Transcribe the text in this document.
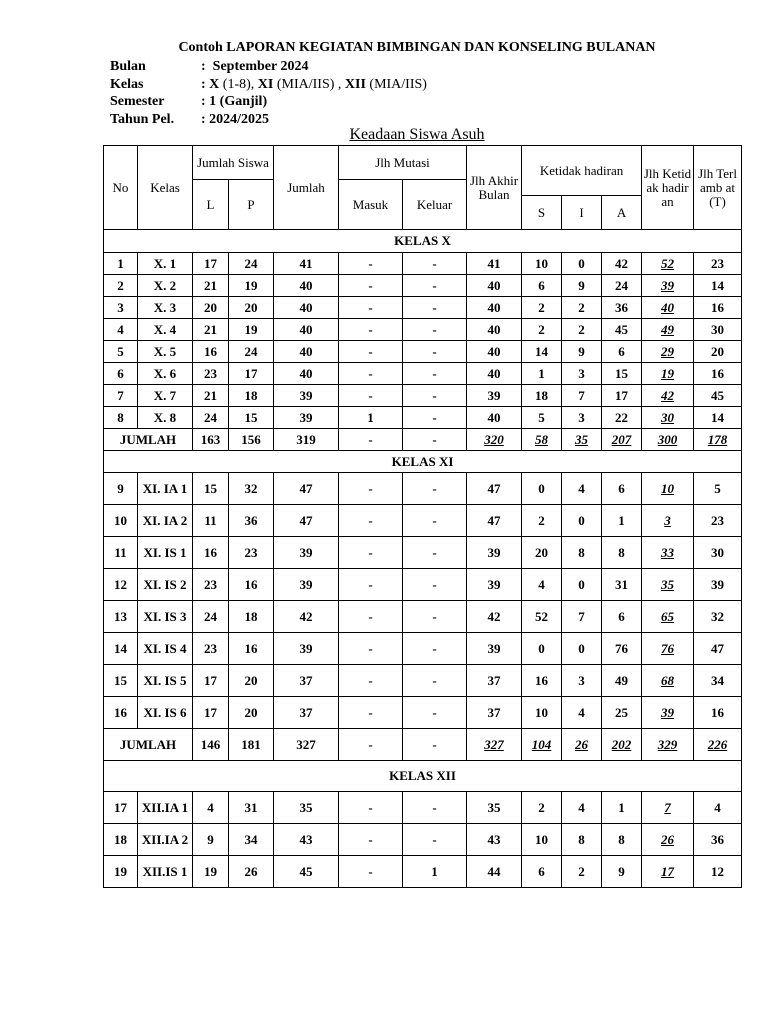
Contoh LAPORAN KEGIATAN BIMBINGAN DAN KONSELING BULANAN
Bulan	:  September 2024
Kelas	: X (1-8), XI (MIA/IIS) , XII (MIA/IIS)
Semester	: 1 (Ganjil)
Tahun Pel.	: 2024/2025
Keadaan Siswa Asuh
No	Kelas	Jumlah Siswa		Jumlah	Jlh Mutasi		Jlh Akhir Bulan	Ketidak hadiran			Jlh Ketid ak hadir an	Jlh Terl amb at (T)
		L	P		Masuk	Keluar						
								S	I	A		
KELAS X												
1	X. 1	17	24	41	-	-	41	10	0	42	52	23
2	X. 2	21	19	40	-	-	40	6	9	24	39	14
3	X. 3	20	20	40	-	-	40	2	2	36	40	16
4	X. 4	21	19	40	-	-	40	2	2	45	49	30
5	X. 5	16	24	40	-	-	40	14	9	6	29	20
6	X. 6	23	17	40	-	-	40	1	3	15	19	16
7	X. 7	21	18	39	-	-	39	18	7	17	42	45
8	X. 8	24	15	39	1	-	40	5	3	22	30	14
JUMLAH		163	156	319	-	-	320	58	35	207	300	178
KELAS XI												
9	XI. IA 1	15	32	47	-	-	47	0	4	6	10	5
10	XI. IA 2	11	36	47	-	-	47	2	0	1	3	23
11	XI. IS 1	16	23	39	-	-	39	20	8	8	33	30
12	XI. IS 2	23	16	39	-	-	39	4	0	31	35	39
13	XI. IS 3	24	18	42	-	-	42	52	7	6	65	32
14	XI. IS 4	23	16	39	-	-	39	0	0	76	76	47
15	XI. IS 5	17	20	37	-	-	37	16	3	49	68	34
16	XI. IS 6	17	20	37	-	-	37	10	4	25	39	16
JUMLAH		146	181	327	-	-	327	104	26	202	329	226
KELAS XII												
17	XII.IA 1	4	31	35	-	-	35	2	4	1	7	4
18	XII.IA 2	9	34	43	-	-	43	10	8	8	26	36
19	XII.IS 1	19	26	45	-	1	44	6	2	9	17	12
